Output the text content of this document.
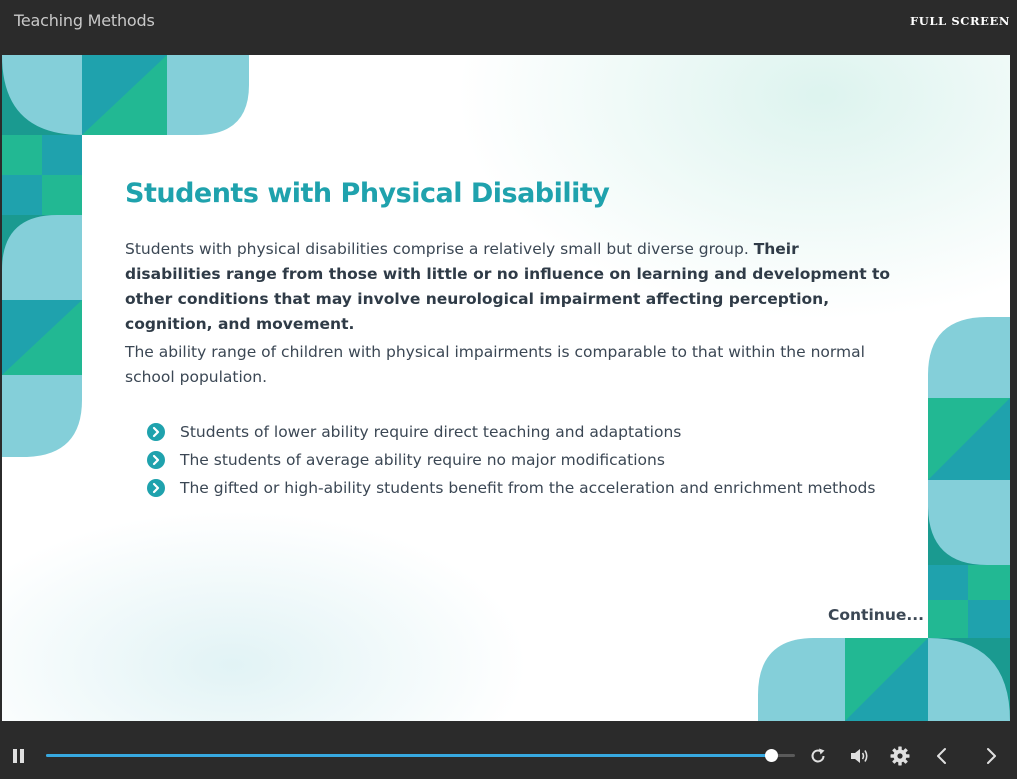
Teaching Methods	FULL SCREEN
Students with Physical Disability
Students with physical disabilities comprise a relatively small but diverse group. Their disabilities range from those with little or no influence on learning and development to other conditions that may involve neurological impairment affecting perception, cognition, and movement.
The ability range of children with physical impairments is comparable to that within the normal school population.
Students of lower ability require direct teaching and adaptations
The students of average ability require no major modifications
The gifted or high-ability students benefit from the acceleration and enrichment methods
Continue...
